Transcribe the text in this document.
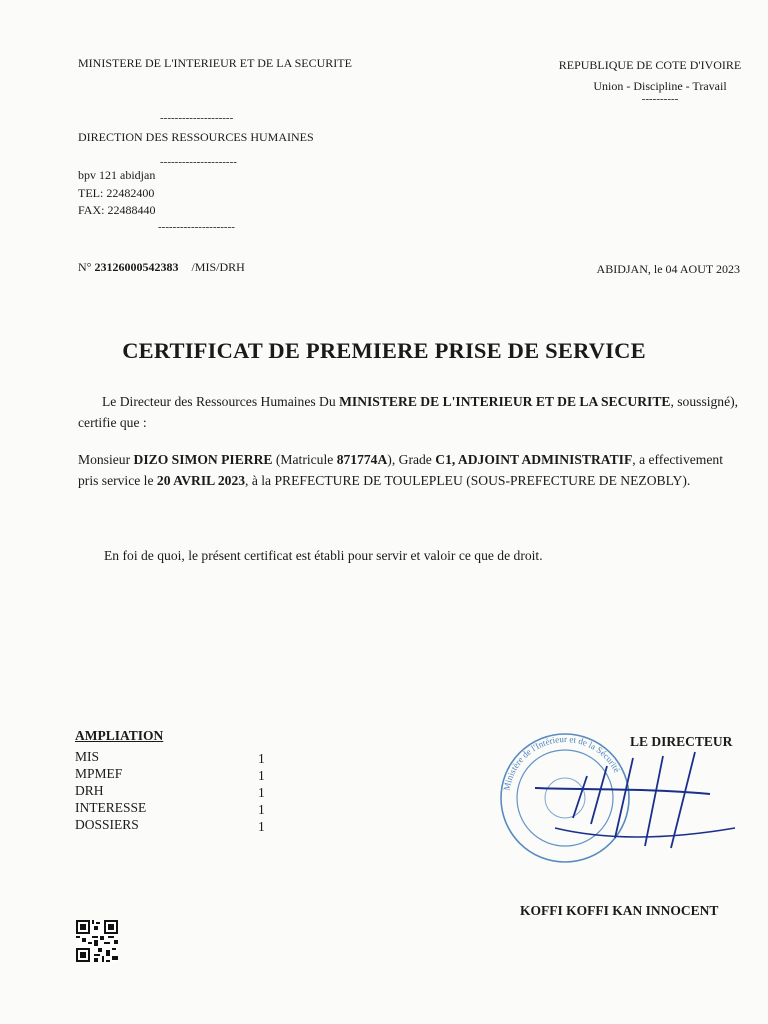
MINISTERE DE L'INTERIEUR ET DE LA SECURITE
--------------------
DIRECTION DES RESSOURCES HUMAINES
---------------------
bpv 121 abidjan
TEL: 22482400
FAX: 22488440
---------------------
REPUBLIQUE DE COTE D'IVOIRE
Union - Discipline - Travail
----------
N° 23126000542383 /MIS/DRH	ABIDJAN, le 04 AOUT 2023
CERTIFICAT DE PREMIERE PRISE DE SERVICE
Le Directeur des Ressources Humaines Du MINISTERE DE L'INTERIEUR ET DE LA SECURITE, soussigné), certifie que :
Monsieur DIZO SIMON PIERRE (Matricule 871774A), Grade C1, ADJOINT ADMINISTRATIF, a effectivement pris service le 20 AVRIL 2023, à la PREFECTURE DE TOULEPLEU (SOUS-PREFECTURE DE NEZOBLY).
En foi de quoi, le présent certificat est établi pour servir et valoir ce que de droit.
AMPLIATION
MIS	1
MPMEF	1
DRH	1
INTERESSE	1
DOSSIERS	1
LE DIRECTEUR
Ministère de l'Intérieur et de la Sécurité
KOFFI KOFFI KAN INNOCENT
